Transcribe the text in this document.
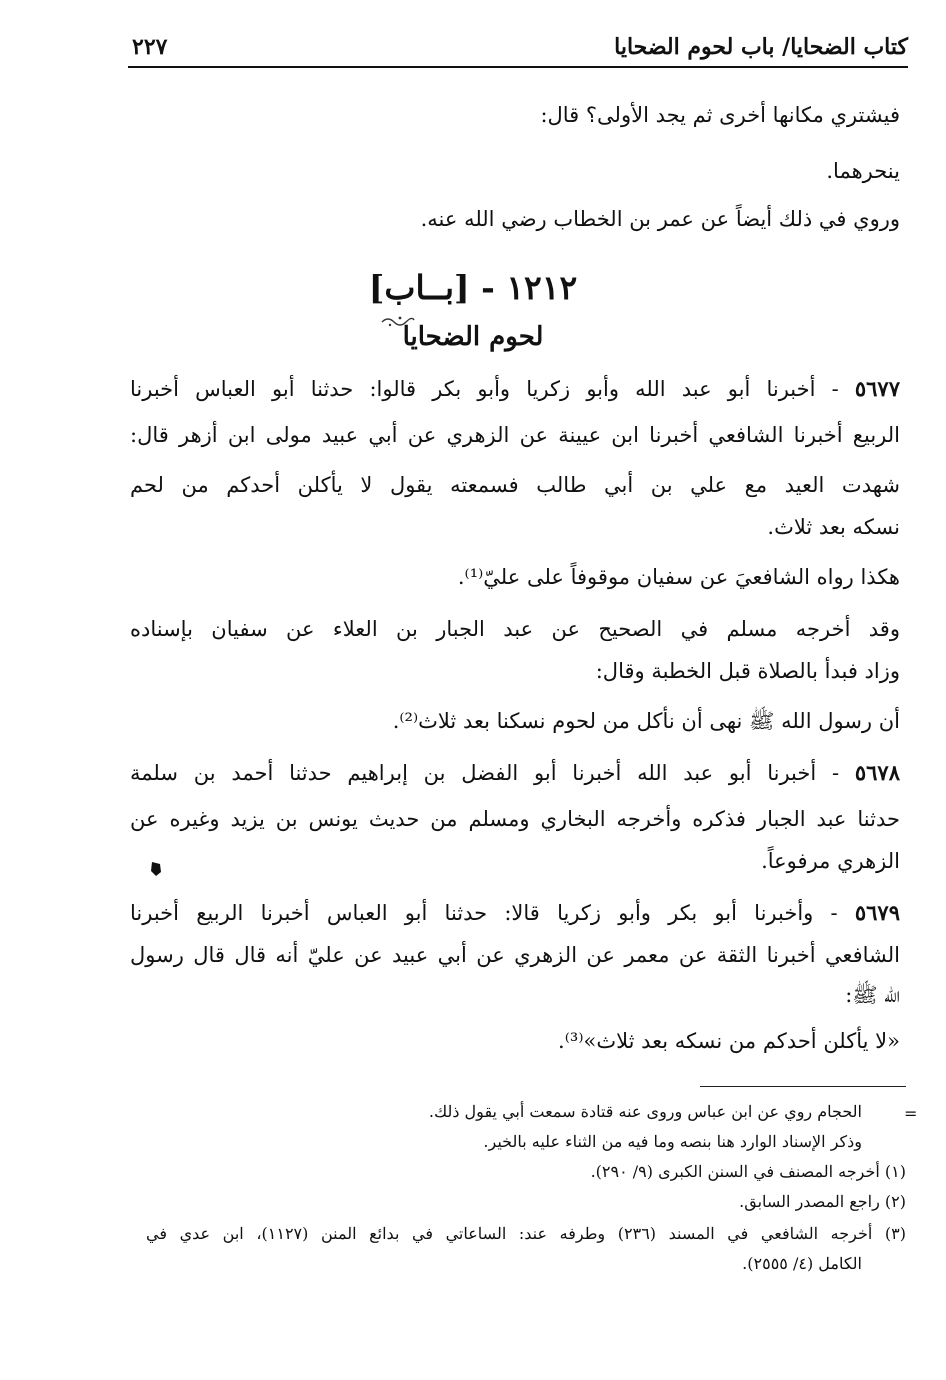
كتاب الضحايا/ باب لحوم الضحايا
٢٢٧
فيشتري مكانها أخرى ثم يجد الأولى؟ قال:
ينحرهما.
وروي في ذلك أيضاً عن عمر بن الخطاب رضي الله عنه.
١٢١٢ - [بــاب]
لحوم الضحايا
٥٦٧٧ - أخبرنا أبو عبد الله وأبو زكريا وأبو بكر قالوا: حدثنا أبو العباس أخبرنا
الربيع أخبرنا الشافعي أخبرنا ابن عيينة عن الزهري عن أبي عبيد مولى ابن أزهر قال:
شهدت العيد مع علي بن أبي طالب فسمعته يقول لا يأكلن أحدكم من لحم
نسكه بعد ثلاث.
هكذا رواه الشافعيَ عن سفيان موقوفاً على عليّ⁽¹⁾.
وقد أخرجه مسلم في الصحيح عن عبد الجبار بن العلاء عن سفيان بإسناده
وزاد فبدأ بالصلاة قبل الخطبة وقال:
أن رسول الله ﷺ نهى أن نأكل من لحوم نسكنا بعد ثلاث⁽²⁾.
٥٦٧٨ - أخبرنا أبو عبد الله أخبرنا أبو الفضل بن إبراهيم حدثنا أحمد بن سلمة
حدثنا عبد الجبار فذكره وأخرجه البخاري ومسلم من حديث يونس بن يزيد وغيره عن
الزهري مرفوعاً.
٥٦٧٩ - وأخبرنا أبو بكر وأبو زكريا قالا: حدثنا أبو العباس أخبرنا الربيع أخبرنا
الشافعي أخبرنا الثقة عن معمر عن الزهري عن أبي عبيد عن عليّ أنه قال قال رسول
الله ﷺ:
«لا يأكلن أحدكم من نسكه بعد ثلاث»⁽³⁾.
=
الحجام روي عن ابن عباس وروى عنه قتادة سمعت أبي يقول ذلك.
وذكر الإسناد الوارد هنا بنصه وما فيه من الثناء عليه بالخير.
(١) أخرجه المصنف في السنن الكبرى (٩/ ٢٩٠).
(٢) راجع المصدر السابق.
(٣) أخرجه الشافعي في المسند (٢٣٦) وطرفه عند: الساعاتي في بدائع المنن (١١٢٧)، ابن عدي في
الكامل (٤/ ٢٥٥٥).
